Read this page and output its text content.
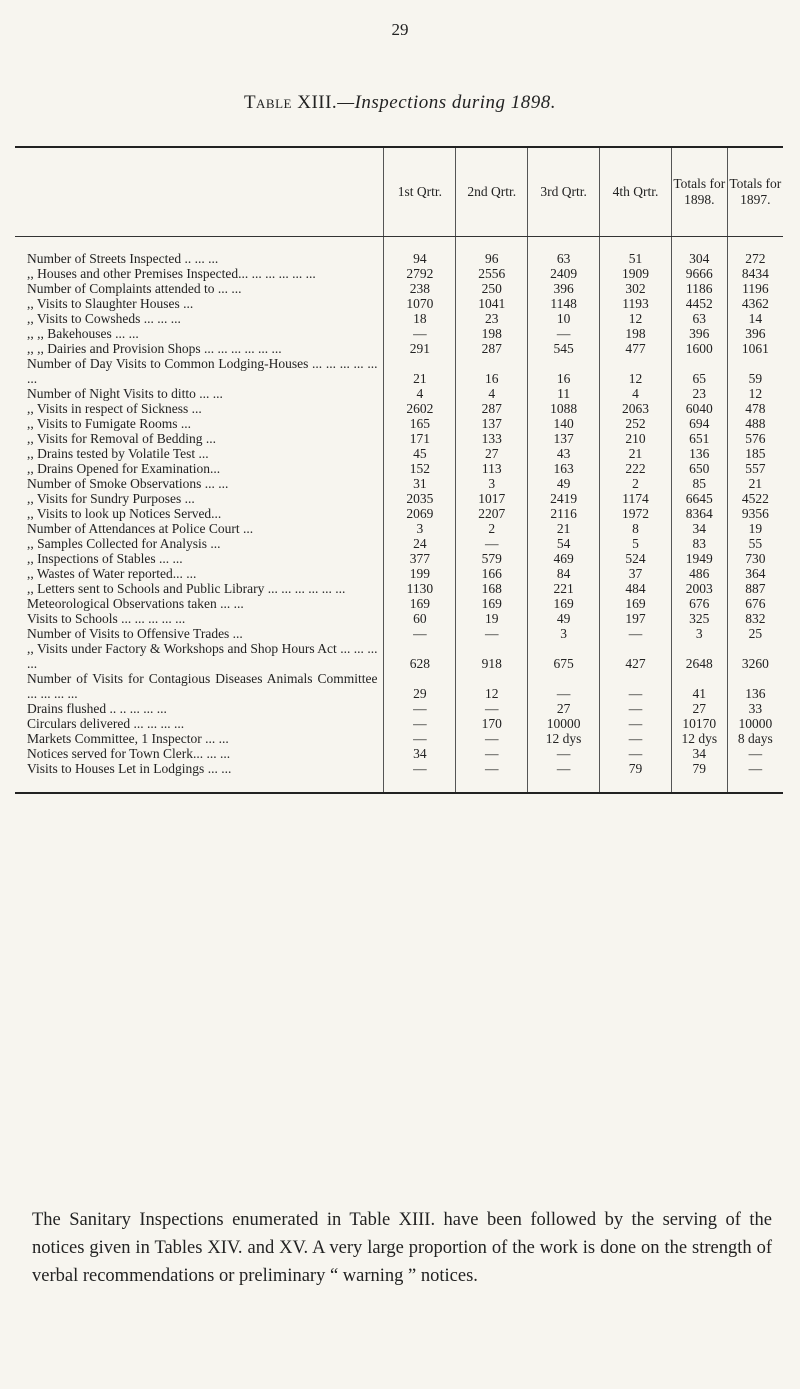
29
Table XIII.—Inspections during 1898.
	1st Qrtr.	2nd Qrtr.	3rd Qrtr.	4th Qrtr.	Totals for 1898.	Totals for 1897.
Number of Streets Inspected .. ... ...	94	96	63	51	304	272
,, Houses and other Premises Inspected... ... ... ... ... ...	2792	2556	2409	1909	9666	8434
Number of Complaints attended to ... ...	238	250	396	302	1186	1196
,, Visits to Slaughter Houses ...	1070	1041	1148	1193	4452	4362
,, Visits to Cowsheds ... ... ...	18	23	10	12	63	14
,, ,, Bakehouses ... ...	—	198	—	198	396	396
,, ,, Dairies and Provision Shops ... ... ... ... ... ...	291	287	545	477	1600	1061
Number of Day Visits to Common Lodging-Houses ... ... ... ... ... ...	21	16	16	12	65	59
Number of Night Visits to ditto ... ...	4	4	11	4	23	12
,, Visits in respect of Sickness ...	2602	287	1088	2063	6040	478
,, Visits to Fumigate Rooms ...	165	137	140	252	694	488
,, Visits for Removal of Bedding ...	171	133	137	210	651	576
,, Drains tested by Volatile Test ...	45	27	43	21	136	185
,, Drains Opened for Examination...	152	113	163	222	650	557
Number of Smoke Observations ... ...	31	3	49	2	85	21
,, Visits for Sundry Purposes ...	2035	1017	2419	1174	6645	4522
,, Visits to look up Notices Served...	2069	2207	2116	1972	8364	9356
Number of Attendances at Police Court ...	3	2	21	8	34	19
,, Samples Collected for Analysis ...	24	—	54	5	83	55
,, Inspections of Stables ... ...	377	579	469	524	1949	730
,, Wastes of Water reported... ...	199	166	84	37	486	364
,, Letters sent to Schools and Public Library ... ... ... ... ... ...	1130	168	221	484	2003	887
Meteorological Observations taken ... ...	169	169	169	169	676	676
Visits to Schools ... ... ... ... ...	60	19	49	197	325	832
Number of Visits to Offensive Trades ...	—	—	3	—	3	25
,, Visits under Factory & Workshops and Shop Hours Act ... ... ... ...	628	918	675	427	2648	3260
Number of Visits for Contagious Diseases Animals Committee ... ... ... ...	29	12	—	—	41	136
Drains flushed .. .. ... ... ...	—	—	27	—	27	33
Circulars delivered ... ... ... ...	—	170	10000	—	10170	10000
Markets Committee, 1 Inspector ... ...	—	—	12 dys	—	12 dys	8 days
Notices served for Town Clerk... ... ...	34	—	—	—	34	—
Visits to Houses Let in Lodgings ... ...	—	—	—	79	79	—

The Sanitary Inspections enumerated in Table XIII. have been followed by the serving of the notices given in Tables XIV. and XV. A very large proportion of the work is done on the strength of verbal recommendations or preliminary “ warning ” notices.
